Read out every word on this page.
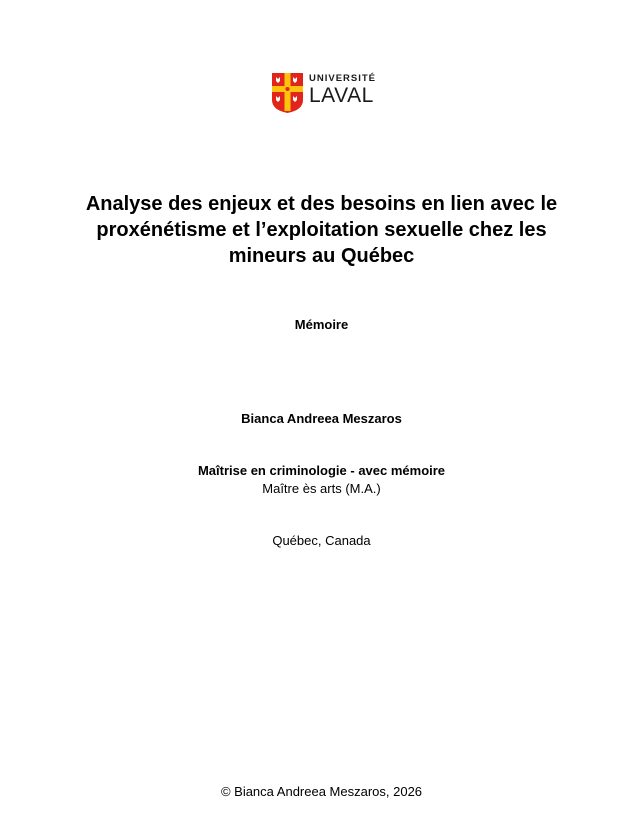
UNIVERSITÉ
LAVAL
Analyse des enjeux et des besoins en lien avec le proxénétisme et l’exploitation sexuelle chez les mineurs au Québec

Mémoire

Bianca Andreea Meszaros

Maîtrise en criminologie - avec mémoire

Maître ès arts (M.A.)

Québec, Canada

© Bianca Andreea Meszaros, 2026
